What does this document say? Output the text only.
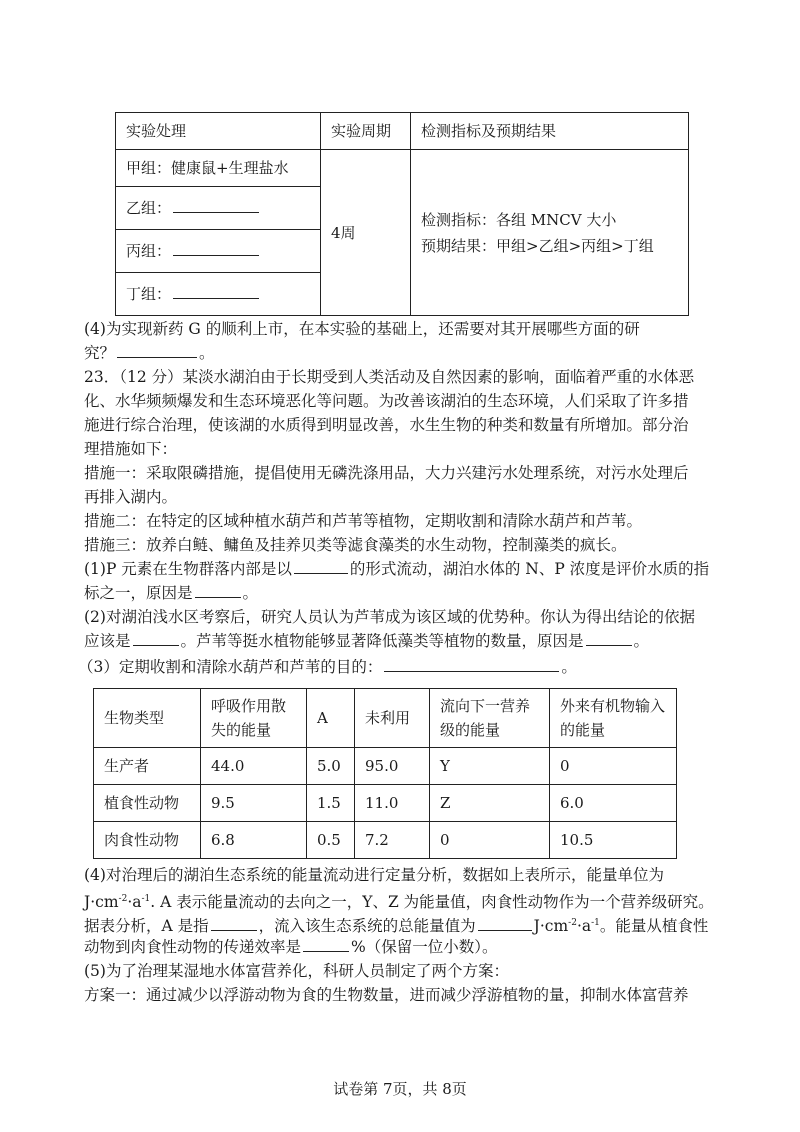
实验处理	实验周期	检测指标及预期结果
甲组：健康鼠+生理盐水	4周	检测指标：各组 MNCV 大小
预期结果：甲组>乙组>丙组>丁组

乙组：		
丙组：		
丁组：		
(4)为实现新药 G 的顺利上市，在本实验的基础上，还需要对其开展哪些方面的研
究？	。
23．（12 分）某淡水湖泊由于长期受到人类活动及自然因素的影响，面临着严重的水体恶
化、水华频频爆发和生态环境恶化等问题。为改善该湖泊的生态环境，人们采取了许多措
施进行综合治理，使该湖的水质得到明显改善，水生生物的种类和数量有所增加。部分治
理措施如下：
措施一：采取限磷措施，提倡使用无磷洗涤用品，大力兴建污水处理系统，对污水处理后
再排入湖内。
措施二：在特定的区域种植水葫芦和芦苇等植物，定期收割和清除水葫芦和芦苇。
措施三：放养白鲢、鳙鱼及挂养贝类等滤食藻类的水生动物，控制藻类的疯长。
(1)P 元素在生物群落内部是以	的形式流动，湖泊水体的 N、P 浓度是评价水质的指
标之一，原因是	。
(2)对湖泊浅水区考察后，研究人员认为芦苇成为该区域的优势种。你认为得出结论的依据
应该是	。芦苇等挺水植物能够显著降低藻类等植物的数量，原因是	。
（3）定期收割和清除水葫芦和芦苇的目的：	。
生物类型	呼吸作用散失的能量	A	未利用	流向下一营养级的能量	外来有机物输入的能量
生产者	44.0	5.0	95.0	Y	0
植食性动物	9.5	1.5	11.0	Z	6.0
肉食性动物	6.8	0.5	7.2	0	10.5
(4)对治理后的湖泊生态系统的能量流动进行定量分析，数据如上表所示，能量单位为
$J\cdot cm^{-2}\cdot a^{-1}$. A 表示能量流动的去向之一，Y、Z 为能量值，肉食性动物作为一个营养级研究。
据表分析，A 是指	，流入该生态系统的总能量值为	$J\cdot cm^{-2}\cdot a^{-1}$。能量从植食性
动物到肉食性动物的传递效率是	%（保留一位小数）。
(5)为了治理某湿地水体富营养化，科研人员制定了两个方案：
方案一：通过减少以浮游动物为食的生物数量，进而减少浮游植物的量，抑制水体富营养
试卷第 7页，共 8页
